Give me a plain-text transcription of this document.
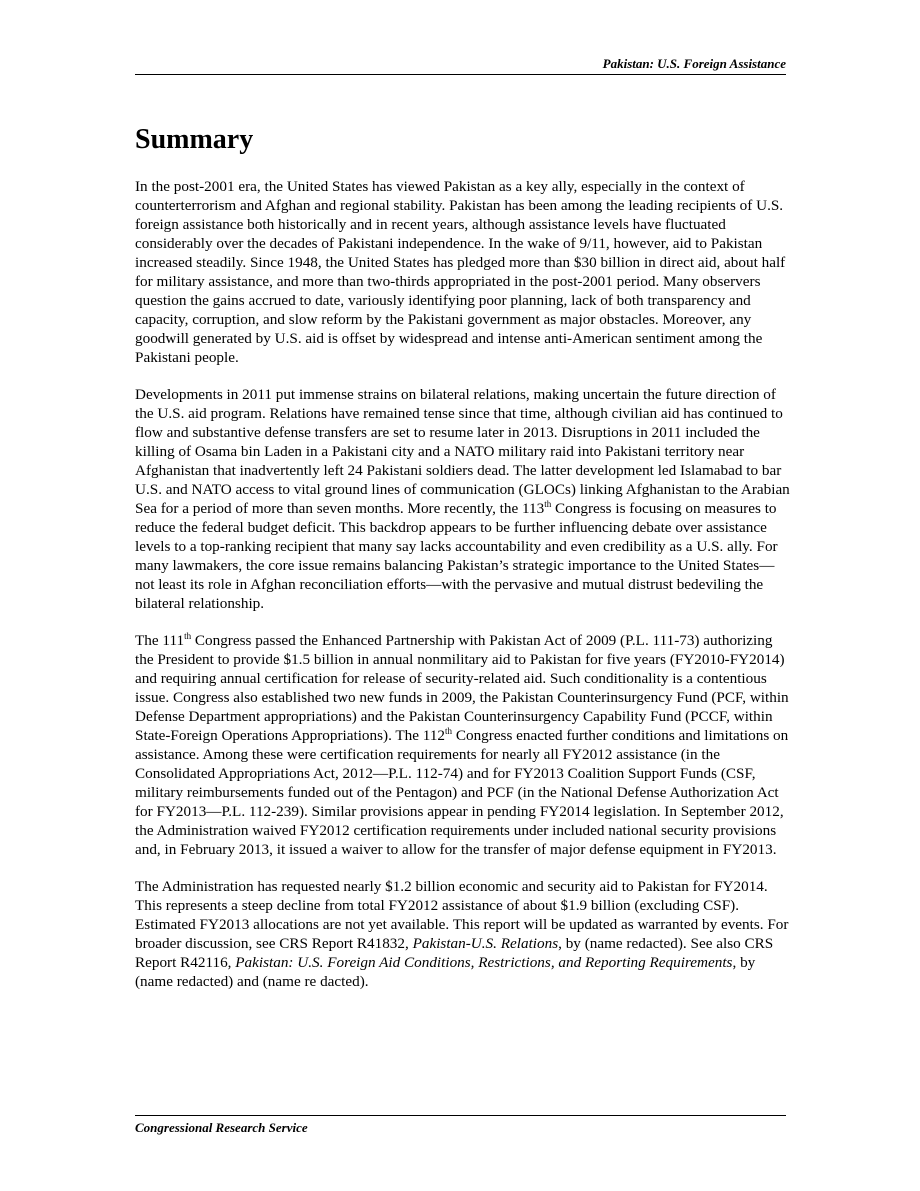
Pakistan: U.S. Foreign Assistance
Summary

In the post-2001 era, the United States has viewed Pakistan as a key ally, especially in the context of counterterrorism and Afghan and regional stability. Pakistan has been among the leading recipients of U.S. foreign assistance both historically and in recent years, although assistance levels have fluctuated considerably over the decades of Pakistani independence. In the wake of 9/11, however, aid to Pakistan increased steadily. Since 1948, the United States has pledged more than $30 billion in direct aid, about half for military assistance, and more than two-thirds appropriated in the post-2001 period. Many observers question the gains accrued to date, variously identifying poor planning, lack of both transparency and capacity, corruption, and slow reform by the Pakistani government as major obstacles. Moreover, any goodwill generated by U.S. aid is offset by widespread and intense anti-American sentiment among the Pakistani people.

Developments in 2011 put immense strains on bilateral relations, making uncertain the future direction of the U.S. aid program. Relations have remained tense since that time, although civilian aid has continued to flow and substantive defense transfers are set to resume later in 2013. Disruptions in 2011 included the killing of Osama bin Laden in a Pakistani city and a NATO military raid into Pakistani territory near Afghanistan that inadvertently left 24 Pakistani soldiers dead. The latter development led Islamabad to bar U.S. and NATO access to vital ground lines of communication (GLOCs) linking Afghanistan to the Arabian Sea for a period of more than seven months. More recently, the 113th Congress is focusing on measures to reduce the federal budget deficit. This backdrop appears to be further influencing debate over assistance levels to a top-ranking recipient that many say lacks accountability and even credibility as a U.S. ally. For many lawmakers, the core issue remains balancing Pakistan’s strategic importance to the United States—not least its role in Afghan reconciliation efforts—with the pervasive and mutual distrust bedeviling the bilateral relationship.

The 111th Congress passed the Enhanced Partnership with Pakistan Act of 2009 (P.L. 111-73) authorizing the President to provide $1.5 billion in annual nonmilitary aid to Pakistan for five years (FY2010-FY2014) and requiring annual certification for release of security-related aid. Such conditionality is a contentious issue. Congress also established two new funds in 2009, the Pakistan Counterinsurgency Fund (PCF, within Defense Department appropriations) and the Pakistan Counterinsurgency Capability Fund (PCCF, within State-Foreign Operations Appropriations). The 112th Congress enacted further conditions and limitations on assistance. Among these were certification requirements for nearly all FY2012 assistance (in the Consolidated Appropriations Act, 2012—P.L. 112-74) and for FY2013 Coalition Support Funds (CSF, military reimbursements funded out of the Pentagon) and PCF (in the National Defense Authorization Act for FY2013—P.L. 112-239). Similar provisions appear in pending FY2014 legislation. In September 2012, the Administration waived FY2012 certification requirements under included national security provisions and, in February 2013, it issued a waiver to allow for the transfer of major defense equipment in FY2013.

The Administration has requested nearly $1.2 billion economic and security aid to Pakistan for FY2014. This represents a steep decline from total FY2012 assistance of about $1.9 billion (excluding CSF). Estimated FY2013 allocations are not yet available. This report will be updated as warranted by events. For broader discussion, see CRS Report R41832, Pakistan-U.S. Relations, by (name redacted). See also CRS Report R42116, Pakistan: U.S. Foreign Aid Conditions, Restrictions, and Reporting Requirements, by (name redacted) and (name re dacted).

Congressional Research Service
